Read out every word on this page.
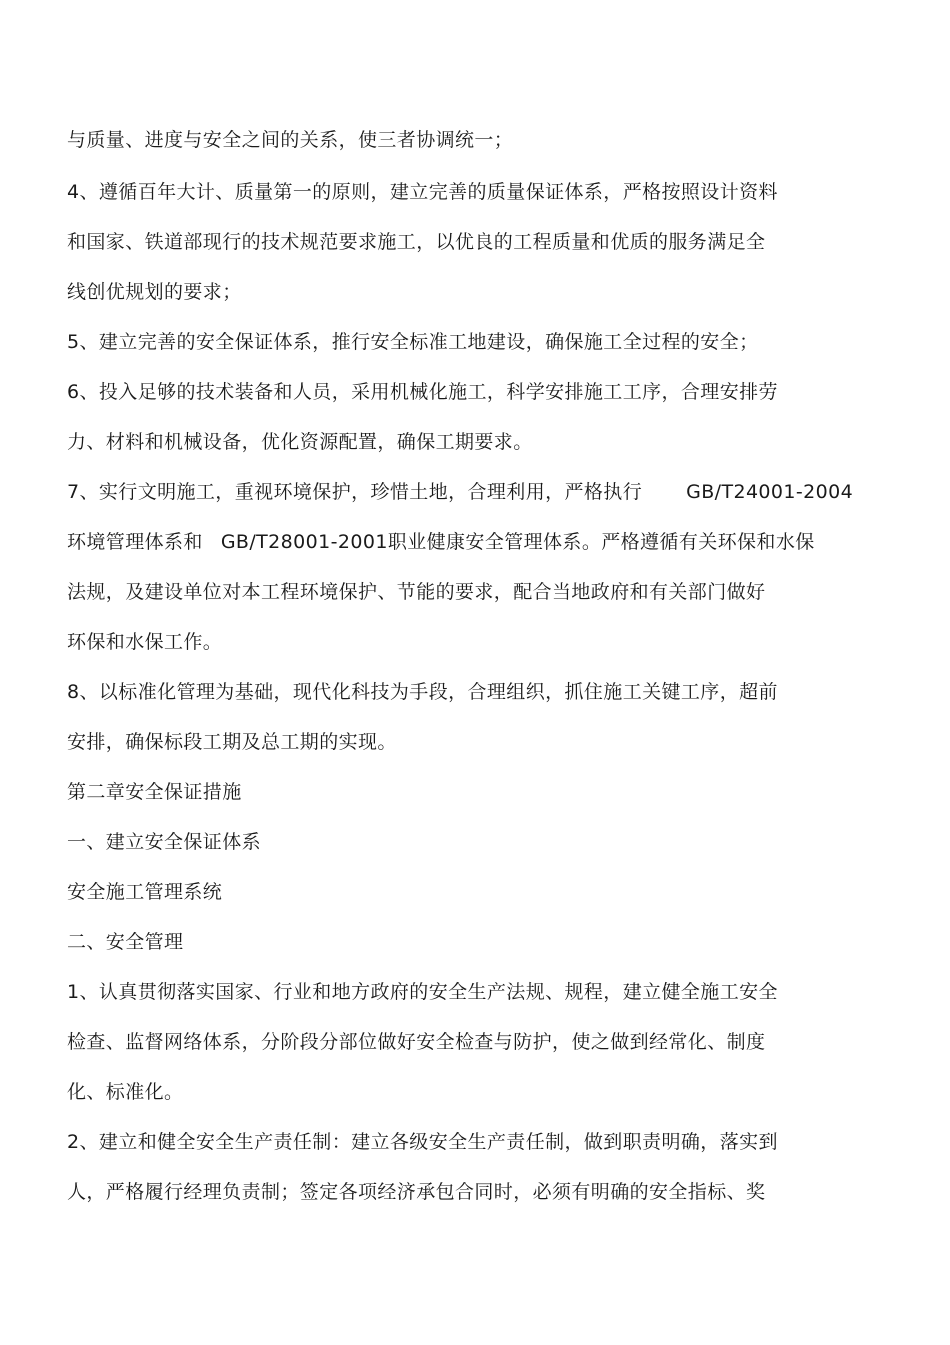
与质量、进度与安全之间的关系，使三者协调统一；
4、遵循百年大计、质量第一的原则，建立完善的质量保证体系，严格按照设计资料
和国家、铁道部现行的技术规范要求施工，以优良的工程质量和优质的服务满足全
线创优规划的要求；
5、建立完善的安全保证体系，推行安全标准工地建设，确保施工全过程的安全；
6、投入足够的技术装备和人员，采用机械化施工，科学安排施工工序，合理安排劳
力、材料和机械设备，优化资源配置，确保工期要求。
7、实行文明施工，重视环境保护，珍惜土地，合理利用，严格执行 GB/T24001-2004
环境管理体系和 GB/T28001-2001职业健康安全管理体系。严格遵循有关环保和水保
法规，及建设单位对本工程环境保护、节能的要求，配合当地政府和有关部门做好
环保和水保工作。
8、以标准化管理为基础，现代化科技为手段，合理组织，抓住施工关键工序，超前
安排，确保标段工期及总工期的实现。
第二章安全保证措施
一、建立安全保证体系
安全施工管理系统
二、安全管理
1、认真贯彻落实国家、行业和地方政府的安全生产法规、规程，建立健全施工安全
检查、监督网络体系，分阶段分部位做好安全检查与防护，使之做到经常化、制度
化、标准化。
2、建立和健全安全生产责任制：建立各级安全生产责任制，做到职责明确，落实到
人，严格履行经理负责制；签定各项经济承包合同时，必须有明确的安全指标、奖
